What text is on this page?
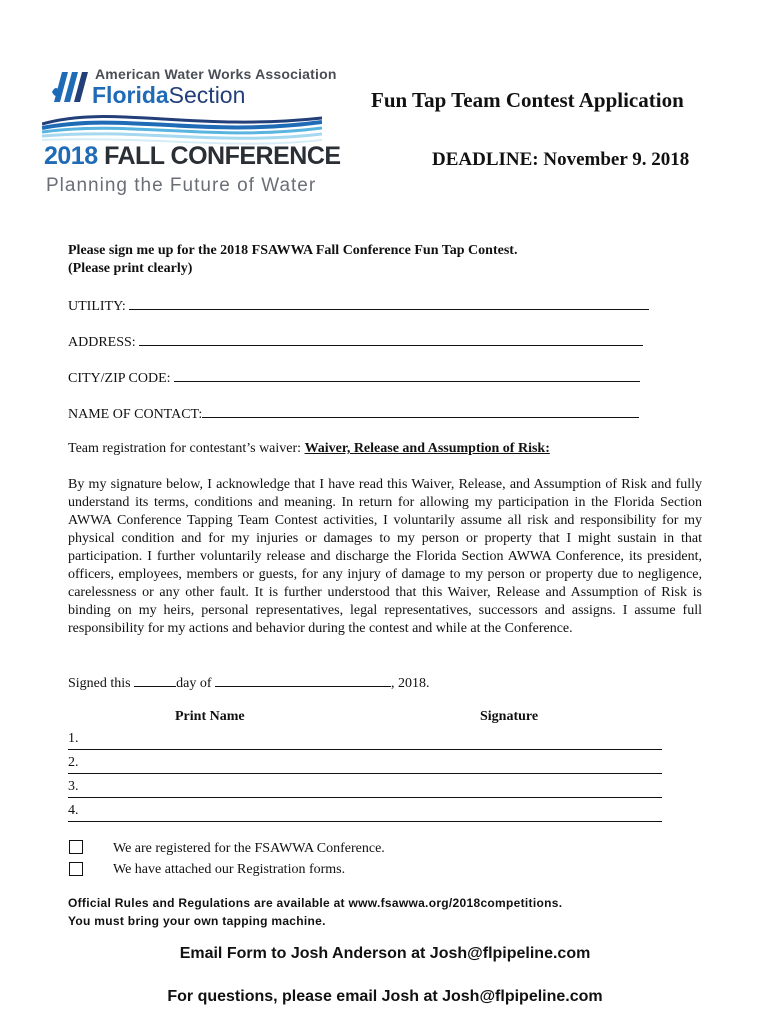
American Water Works Association
FloridaSection
2018 FALL CONFERENCE
Planning the Future of Water
Fun Tap Team Contest Application
DEADLINE: November 9. 2018
Please sign me up for the 2018 FSAWWA Fall Conference Fun Tap Contest.
(Please print clearly)
UTILITY:
ADDRESS:
CITY/ZIP CODE:
NAME OF CONTACT:
Team registration for contestant’s waiver: Waiver, Release and Assumption of Risk:
By my signature below, I acknowledge that I have read this Waiver, Release, and Assumption of Risk and fully understand its terms, conditions and meaning. In return for allowing my participation in the Florida Section AWWA Conference Tapping Team Contest activities, I voluntarily assume all risk and responsibility for my physical condition and for my injuries or damages to my person or property that I might sustain in that participation. I further voluntarily release and discharge the Florida Section AWWA Conference, its president, officers, employees, members or guests, for any injury of damage to my person or property due to negligence, carelessness or any other fault. It is further understood that this Waiver, Release and Assumption of Risk is binding on my heirs, personal representatives, legal representatives, successors and assigns. I assume full responsibility for my actions and behavior during the contest and while at the Conference.
Signed this	day of	, 2018.
Print Name	Signature
1.
2.
3.
4.
We are registered for the FSAWWA Conference.
We have attached our Registration forms.
Official Rules and Regulations are available at www.fsawwa.org/2018competitions.
You must bring your own tapping machine.
Email Form to Josh Anderson at Josh@flpipeline.com
For questions, please email Josh at Josh@flpipeline.com
